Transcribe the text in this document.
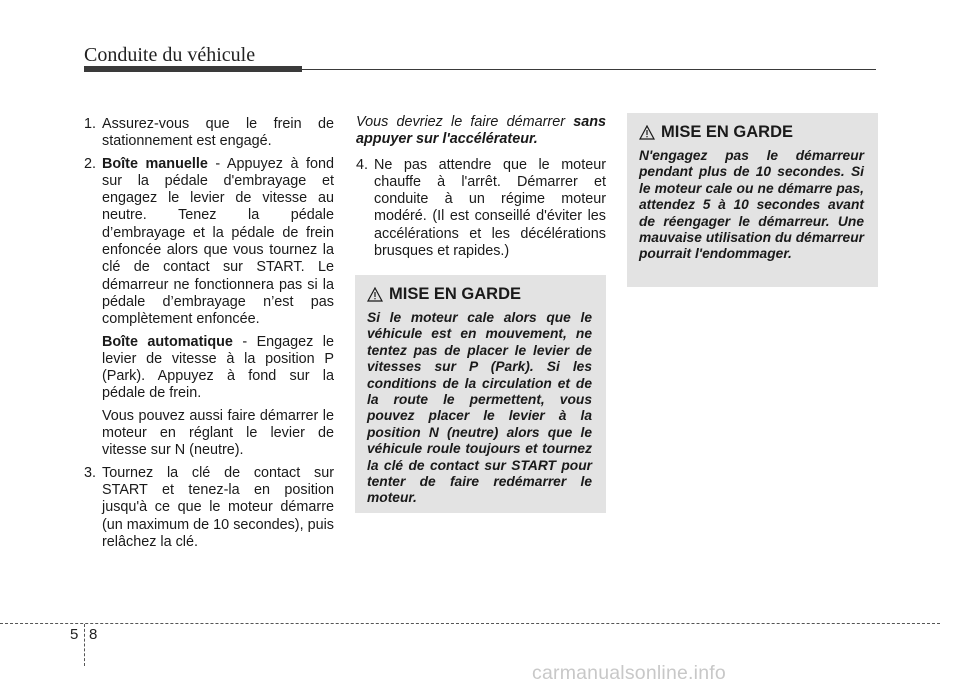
Conduite du véhicule

1. Assurez-vous que le frein de stationnement est engagé.

2. Boîte manuelle - Appuyez à fond sur la pédale d'embrayage et engagez le levier de vitesse au neutre. Tenez la pédale d’embrayage et la pédale de frein enfoncée alors que vous tournez la clé de contact sur START. Le démarreur ne fonctionnera pas si la pédale d’embrayage n’est pas complètement enfoncée.

Boîte automatique - Engagez le levier de vitesse à la position P (Park). Appuyez à fond sur la pédale de frein.

Vous pouvez aussi faire démarrer le moteur en réglant le levier de vitesse sur N (neutre).

3. Tournez la clé de contact sur START et tenez-la en position jusqu'à ce que le moteur démarre (un maximum de 10 secondes), puis relâchez la clé.

Vous devriez le faire démarrer sans appuyer sur l'accélérateur.

4. Ne pas attendre que le moteur chauffe à l'arrêt. Démarrer et conduite à un régime moteur modéré. (Il est conseillé d'éviter les accélérations et les décélérations brusques et rapides.)

MISE EN GARDE
Si le moteur cale alors que le véhicule est en mouvement, ne tentez pas de placer le levier de vitesses sur P (Park). Si les conditions de la circulation et de la route le permettent, vous pouvez placer le levier à la position N (neutre) alors que le véhicule roule toujours et tournez la clé de contact sur START pour tenter de faire redémarrer le moteur.
MISE EN GARDE
N'engagez pas le démarreur pendant plus de 10 secondes. Si le moteur cale ou ne démarre pas, attendez 5 à 10 secondes avant de réengager le démarreur. Une mauvaise utilisation du démarreur pourrait l'endommager.
5 8
carmanualsonline.info
